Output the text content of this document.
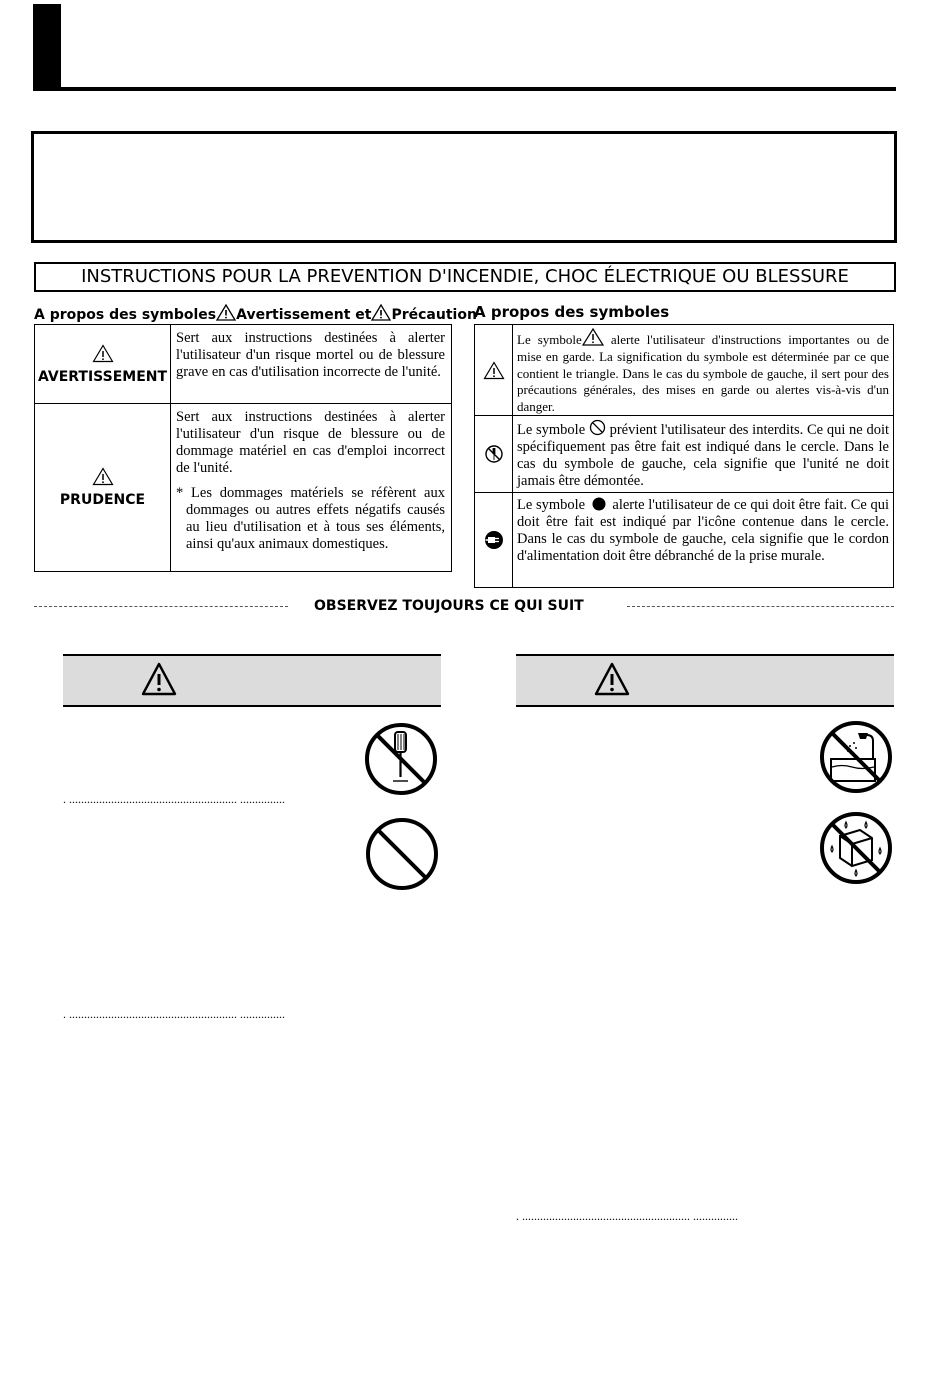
INSTRUCTIONS POUR LA PREVENTION D'INCENDIE, CHOC ÉLECTRIQUE OU BLESSURE
A propos des symboles Avertissement et Précaution
AVERTISSEMENT
Sert aux instructions destinées à alerter l'utilisateur d'un risque mortel ou de blessure grave en cas d'utilisation incorrecte de l'unité.
PRUDENCE
Sert aux instructions destinées à alerter l'utilisateur d'un risque de blessure ou de dommage matériel en cas d'emploi incorrect de l'unité.
* Les dommages matériels se réfèrent aux dommages ou autres effets négatifs causés au lieu d'utilisation et à tous ses éléments, ainsi qu'aux animaux domestiques.
A propos des symboles
Le symbole alerte l'utilisateur d'instructions importantes ou de mise en garde. La signification du symbole est déterminée par ce que contient le triangle. Dans le cas du symbole de gauche, il sert pour des précautions générales, des mises en garde ou alertes vis-à-vis d'un danger.
Le symbole prévient l'utilisateur des interdits. Ce qui ne doit spécifiquement pas être fait est indiqué dans le cercle. Dans le cas du symbole de gauche, cela signifie que l'unité ne doit jamais être démontée.
Le symbole alerte l'utilisateur de ce qui doit être fait. Ce qui doit être fait est indiqué par l'icône contenue dans le cercle. Dans le cas du symbole de gauche, cela signifie que le cordon d'alimentation doit être débranché de la prise murale.
OBSERVEZ TOUJOURS CE QUI SUIT
. ........................................................ ...............
. ........................................................ ...............
. ........................................................ ...............
